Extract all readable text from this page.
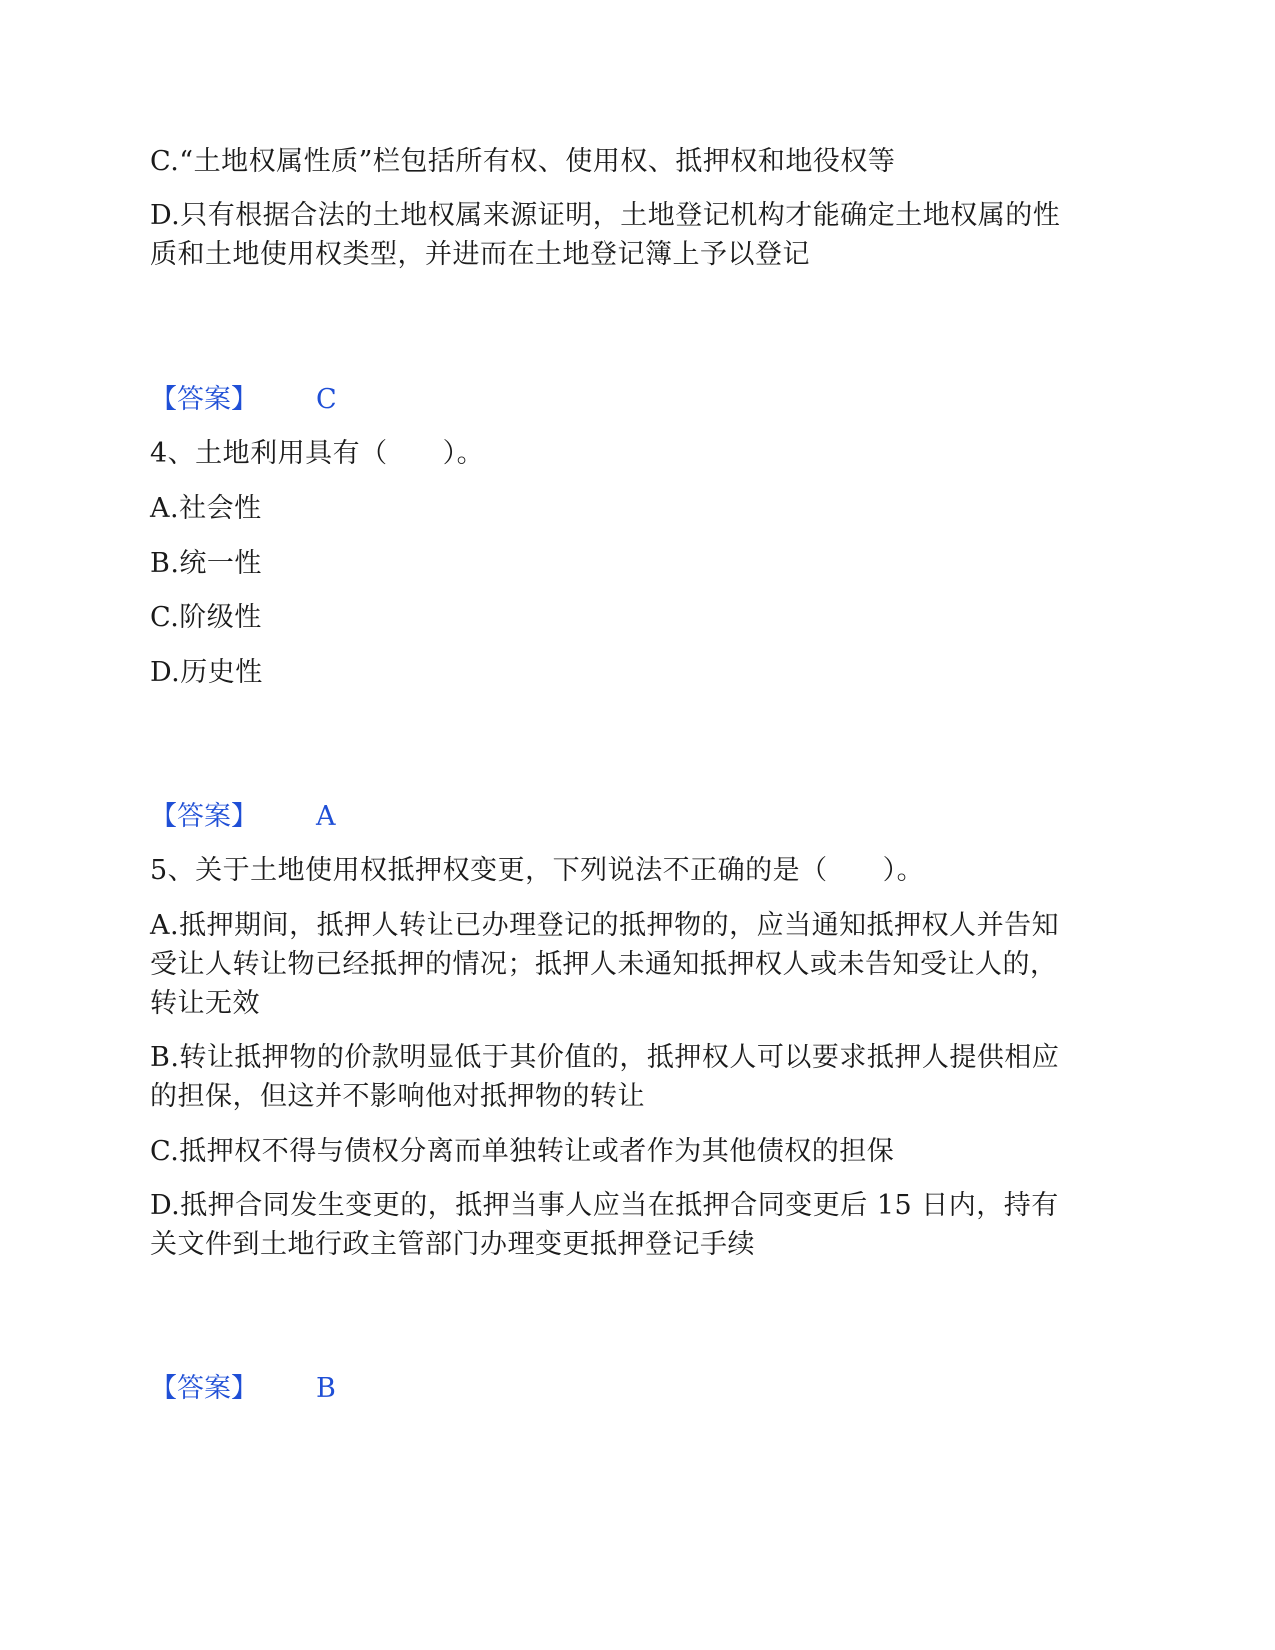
C.“土地权属性质”栏包括所有权、使用权、抵押权和地役权等
D.只有根据合法的土地权属来源证明，土地登记机构才能确定土地权属的性
质和土地使用权类型，并进而在土地登记簿上予以登记
【答案】 C
4、土地利用具有（　　）。
A.社会性
B.统一性
C.阶级性
D.历史性
【答案】 A
5、关于土地使用权抵押权变更，下列说法不正确的是（　　）。
A.抵押期间，抵押人转让已办理登记的抵押物的，应当通知抵押权人并告知
受让人转让物已经抵押的情况；抵押人未通知抵押权人或未告知受让人的，
转让无效
B.转让抵押物的价款明显低于其价值的，抵押权人可以要求抵押人提供相应
的担保，但这并不影响他对抵押物的转让
C.抵押权不得与债权分离而单独转让或者作为其他债权的担保
D.抵押合同发生变更的，抵押当事人应当在抵押合同变更后 15 日内，持有
关文件到土地行政主管部门办理变更抵押登记手续
【答案】 B
